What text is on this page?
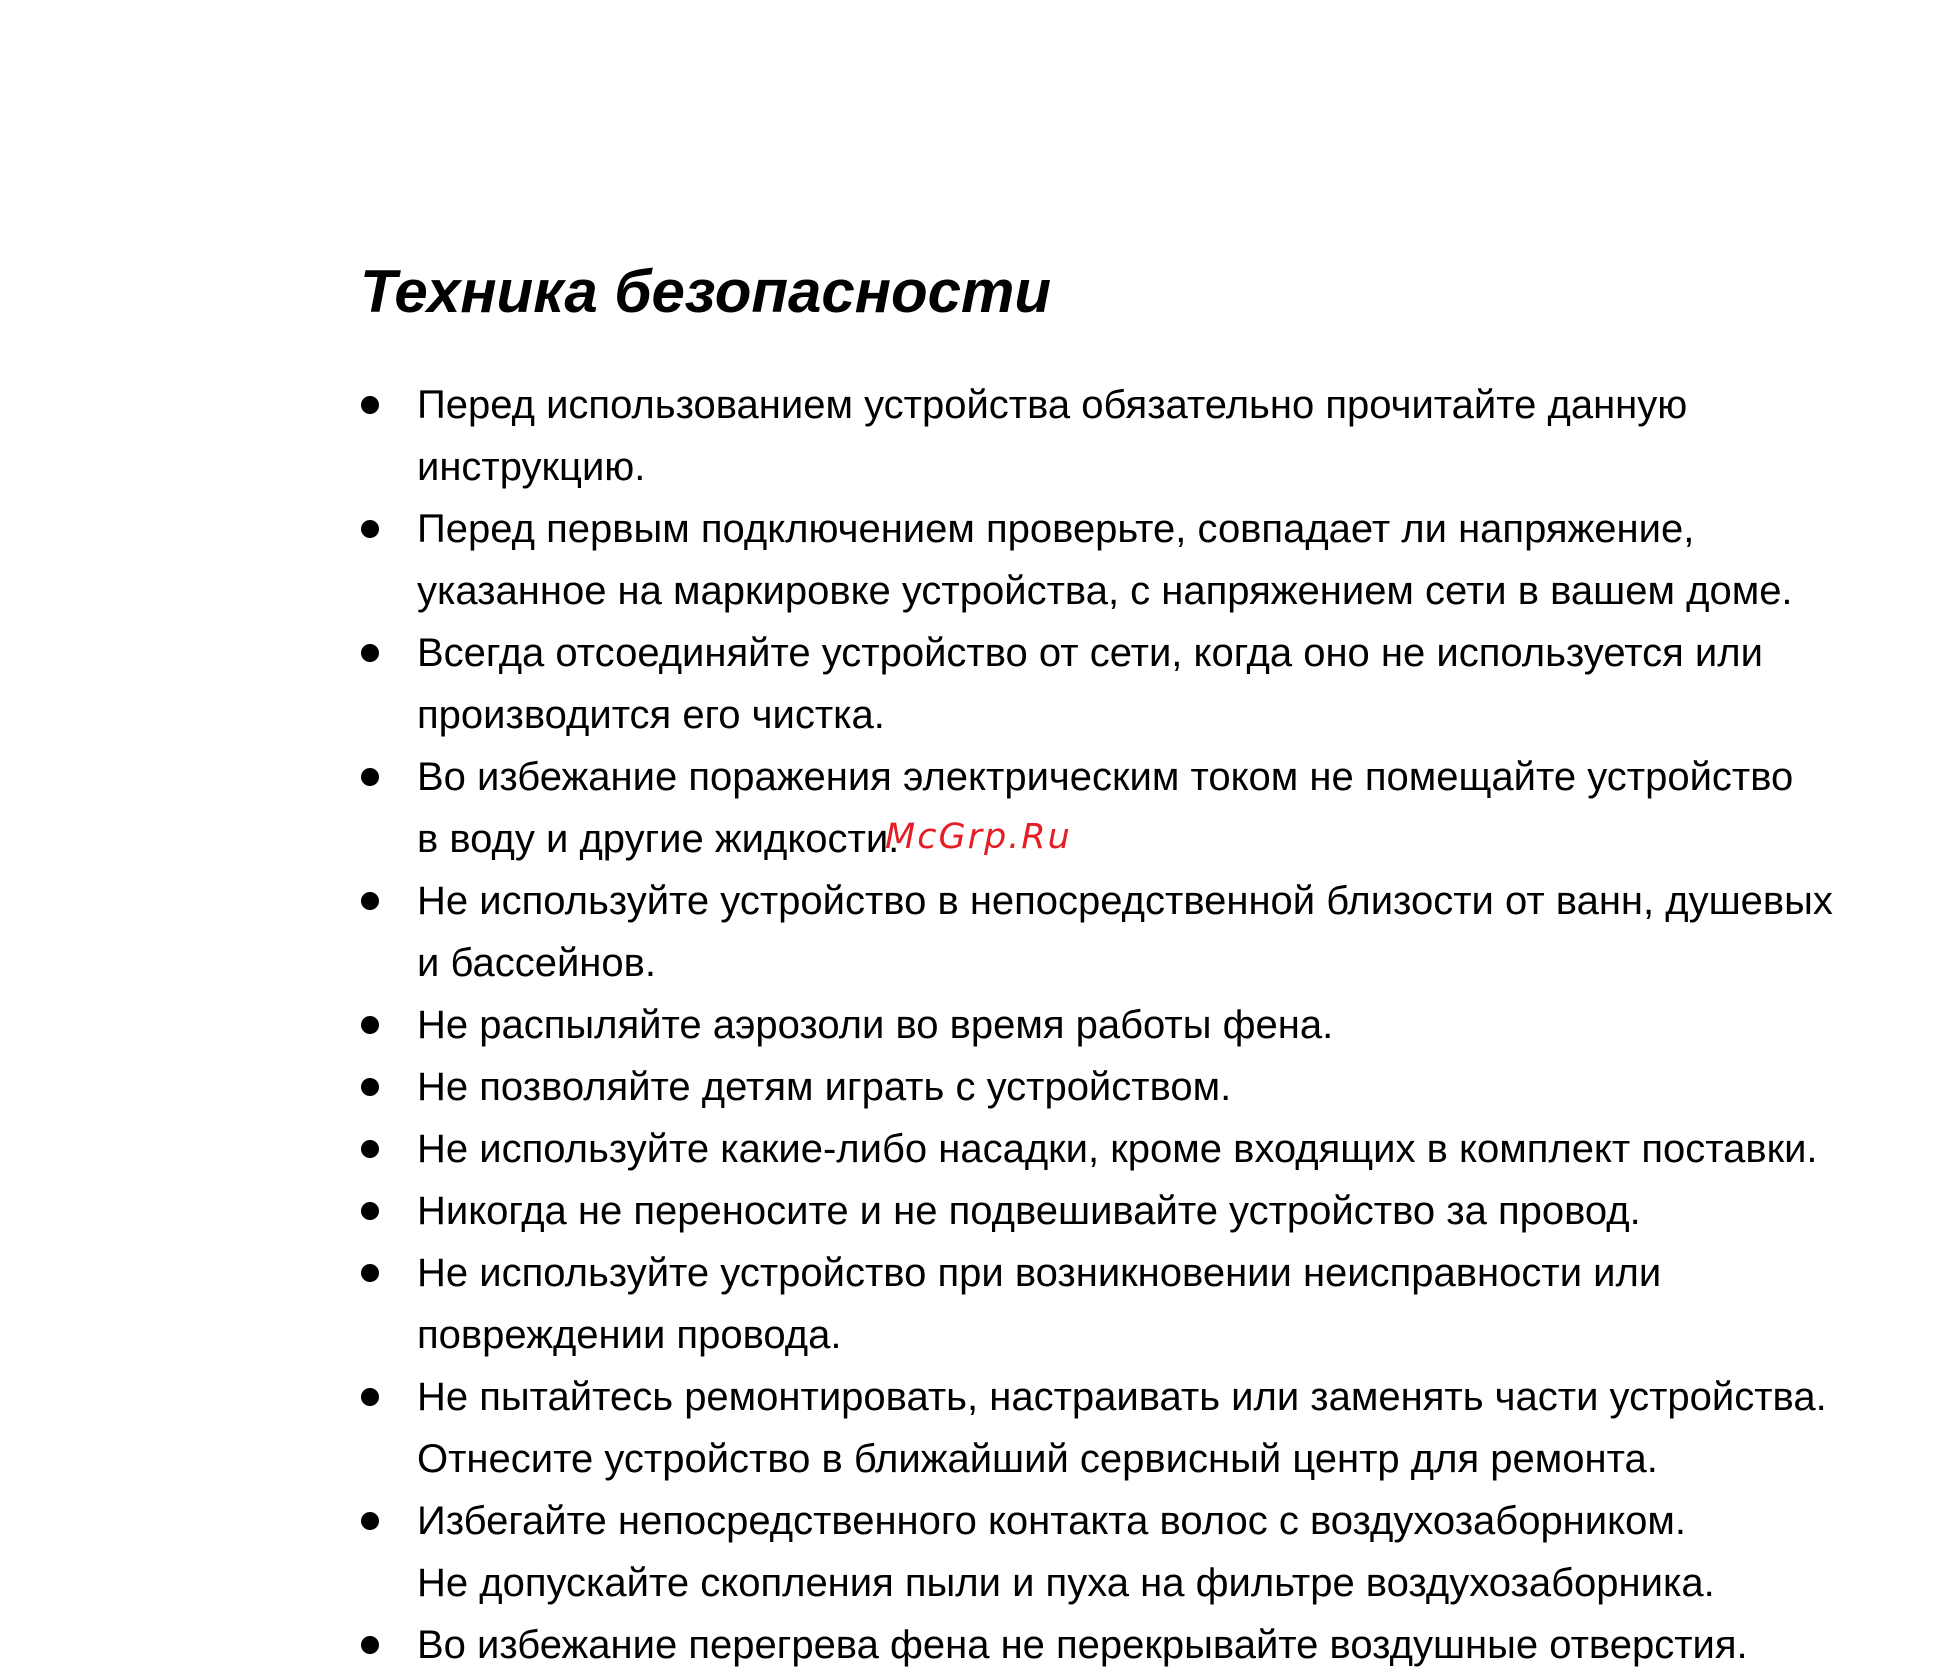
Техника безопасности
Перед использованием устройства обязательно прочитайте данную
инструкцию.
Перед первым подключением проверьте, совпадает ли напряжение,
указанное на маркировке устройства, с напряжением сети в вашем доме.
Всегда отсоединяйте устройство от сети, когда оно не используется или
производится его чистка.
Во избежание поражения электрическим током не помещайте устройство
в воду и другие жидкости.
Не используйте устройство в непосредственной близости от ванн, душевых
и бассейнов.
Не распыляйте аэрозоли во время работы фена.
Не позволяйте детям играть с устройством.
Не используйте какие-либо насадки, кроме входящих в комплект поставки.
Никогда не переносите и не подвешивайте устройство за провод.
Не используйте устройство при возникновении неисправности или
повреждении провода.
Не пытайтесь ремонтировать, настраивать или заменять части устройства.
Отнесите устройство в ближайший сервисный центр для ремонта.
Избегайте непосредственного контакта волос с воздухозаборником.
Не допускайте скопления пыли и пуха на фильтре воздухозаборника.
Во избежание перегрева фена не перекрывайте воздушные отверстия.
McGrp.Ru
